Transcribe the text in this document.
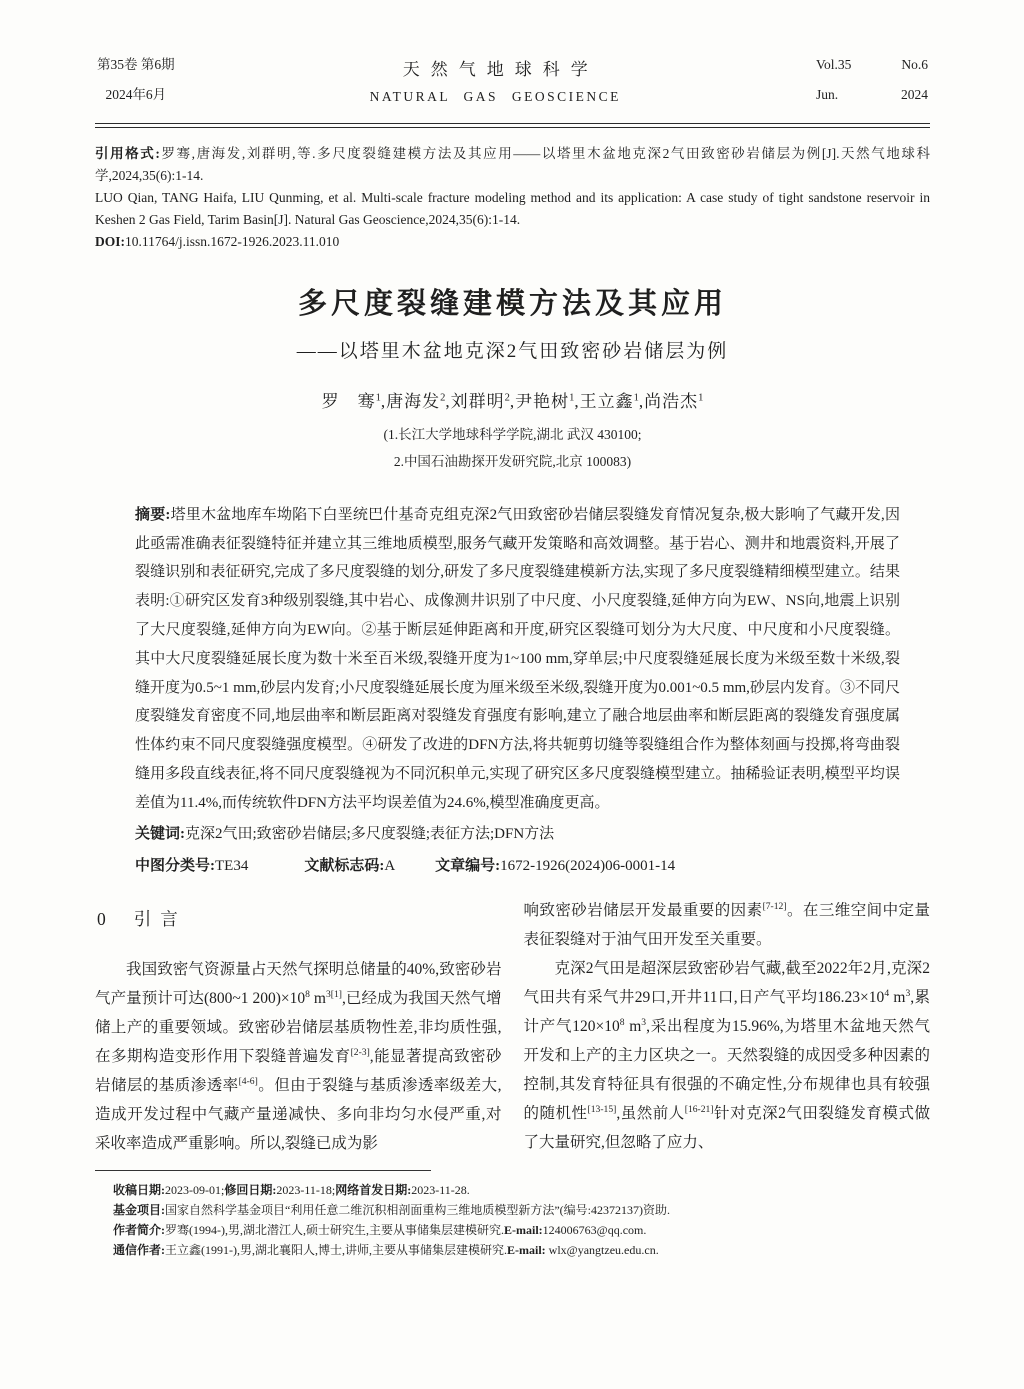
第35卷 第6期
2024年6月
天然气地球科学
NATURAL GAS GEOSCIENCE
Vol.35	No.6
Jun.	2024

引用格式:罗骞,唐海发,刘群明,等.多尺度裂缝建模方法及其应用——以塔里木盆地克深2气田致密砂岩储层为例[J].天然气地球科学,2024,35(6):1-14.

LUO Qian, TANG Haifa, LIU Qunming, et al. Multi-scale fracture modeling method and its application: A case study of tight sandstone reservoir in Keshen 2 Gas Field, Tarim Basin[J]. Natural Gas Geoscience,2024,35(6):1-14.

DOI:10.11764/j.issn.1672-1926.2023.11.010

多尺度裂缝建模方法及其应用
——以塔里木盆地克深2气田致密砂岩储层为例
罗　骞$^1$,唐海发$^2$,刘群明$^2$,尹艳树$^1$,王立鑫$^1$,尚浩杰$^1$
(1.长江大学地球科学学院,湖北 武汉 430100;
2.中国石油勘探开发研究院,北京 100083)

摘要:塔里木盆地库车坳陷下白垩统巴什基奇克组克深2气田致密砂岩储层裂缝发育情况复杂,极大影响了气藏开发,因此亟需准确表征裂缝特征并建立其三维地质模型,服务气藏开发策略和高效调整。基于岩心、测井和地震资料,开展了裂缝识别和表征研究,完成了多尺度裂缝的划分,研发了多尺度裂缝建模新方法,实现了多尺度裂缝精细模型建立。结果表明:①研究区发育3种级别裂缝,其中岩心、成像测井识别了中尺度、小尺度裂缝,延伸方向为EW、NS向,地震上识别了大尺度裂缝,延伸方向为EW向。②基于断层延伸距离和开度,研究区裂缝可划分为大尺度、中尺度和小尺度裂缝。其中大尺度裂缝延展长度为数十米至百米级,裂缝开度为1~100 mm,穿单层;中尺度裂缝延展长度为米级至数十米级,裂缝开度为0.5~1 mm,砂层内发育;小尺度裂缝延展长度为厘米级至米级,裂缝开度为0.001~0.5 mm,砂层内发育。③不同尺度裂缝发育密度不同,地层曲率和断层距离对裂缝发育强度有影响,建立了融合地层曲率和断层距离的裂缝发育强度属性体约束不同尺度裂缝强度模型。④研发了改进的DFN方法,将共轭剪切缝等裂缝组合作为整体刻画与投掷,将弯曲裂缝用多段直线表征,将不同尺度裂缝视为不同沉积单元,实现了研究区多尺度裂缝模型建立。抽稀验证表明,模型平均误差值为11.4%,而传统软件DFN方法平均误差值为24.6%,模型准确度更高。

关键词:克深2气田;致密砂岩储层;多尺度裂缝;表征方法;DFN方法

中图分类号:TE34	文献标志码:A	文章编号:1672-1926(2024)06-0001-14
0 引言

我国致密气资源量占天然气探明总储量的40%,致密砂岩气产量预计可达(800~1 $200)\times 10^8$ $m^{3[1]}$,已经成为我国天然气增储上产的重要领域。致密砂岩储层基质物性差,非均质性强,在多期构造变形作用下裂缝普遍发育[2-3],能显著提高致密砂岩储层的基质渗透率[4-6]。但由于裂缝与基质渗透率级差大,造成开发过程中气藏产量递减快、多向非均匀水侵严重,对采收率造成严重影响。所以,裂缝已成为影

响致密砂岩储层开发最重要的因素[7-12]。在三维空间中定量表征裂缝对于油气田开发至关重要。

克深2气田是超深层致密砂岩气藏,截至2022年2月,克深2气田共有采气井29口,开井11口,日产气平均$186.23\times 10^4$ $m^3$,累计产气$120\times 10^8$ $m^3$,采出程度为15.96%,为塔里木盆地天然气开发和上产的主力区块之一。天然裂缝的成因受多种因素的控制,其发育特征具有很强的不确定性,分布规律也具有较强的随机性[13-15],虽然前人[16-21]针对克深2气田裂缝发育模式做了大量研究,但忽略了应力、

收稿日期:2023-09-01;修回日期:2023-11-18;网络首发日期:2023-11-28.

基金项目:国家自然科学基金项目“利用任意二维沉积相剖面重构三维地质模型新方法”(编号:42372137)资助.

作者简介:罗骞(1994-),男,湖北潜江人,硕士研究生,主要从事储集层建模研究.E-mail:124006763@qq.com.

通信作者:王立鑫(1991-),男,湖北襄阳人,博士,讲师,主要从事储集层建模研究.E-mail: wlx@yangtzeu.edu.cn.
